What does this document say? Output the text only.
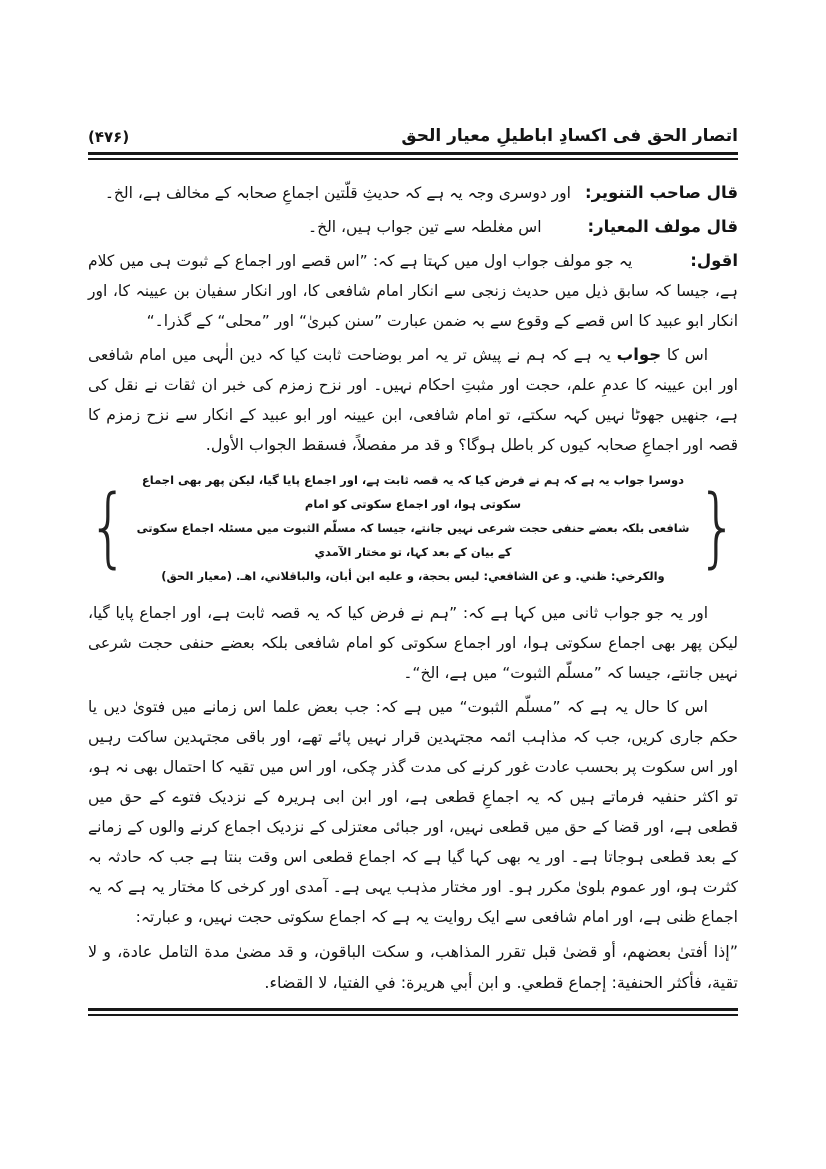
اتصار الحق فی اکسادِ اباطیلِ معیار الحق
(۴۷۶)

قال صاحب التنویر:اور دوسری وجہ یہ ہے کہ حدیثِ قلّتین اجماعِ صحابہ کے مخالف ہے، الخ۔

قال مولف المعیار:اس مغلطہ سے تین جواب ہیں، الخ۔

اقول:یہ جو مولف جواب اول میں کہتا ہے کہ: ”اس قصے اور اجماع کے ثبوت ہی میں کلام ہے، جیسا کہ سابق ذیل میں حدیث زنجی سے انکار امام شافعی کا، اور انکار سفیان بن عیینہ کا، اور انکار ابو عبید کا اس قصے کے وقوع سے بہ ضمن عبارت ”سنن کبریٰ“ اور ”محلی“ کے گذرا۔“

اس کا جواب یہ ہے کہ ہم نے پیش تر یہ امر بوضاحت ثابت کیا کہ دین الٰہی میں امام شافعی اور ابن عیینہ کا عدمِ علم، حجت اور مثبتِ احکام نہیں۔ اور نزح زمزم کی خبر ان ثقات نے نقل کی ہے، جنھیں جھوٹا نہیں کہہ سکتے، تو امام شافعی، ابن عیینہ اور ابو عبید کے انکار سے نزح زمزم کا قصہ اور اجماعِ صحابہ کیوں کر باطل ہوگا؟ و قد مر مفصلاً، فسقط الجواب الأول.

{	دوسرا جواب یہ ہے کہ ہم نے فرض کیا کہ یہ قصہ ثابت ہے، اور اجماع پایا گیا، لیکن پھر بھی اجماع سکوتی ہوا، اور اجماع سکوتی کو امام
شافعی بلکہ بعضے حنفی حجت شرعی نہیں جانتے، جیسا کہ مسلّم الثبوت میں مسئلہ اجماع سکوتی کے بیان کے بعد کہا، تو مختار الآمدي
والكرخي: ظني. و عن الشافعي: ليس بحجة، و عليه ابن أبان، والباقلاني، اهـ. (معیار الحق)	}

اور یہ جو جواب ثانی میں کہا ہے کہ: ”ہم نے فرض کیا کہ یہ قصہ ثابت ہے، اور اجماع پایا گیا، لیکن پھر بھی اجماع سکوتی ہوا، اور اجماع سکوتی کو امام شافعی بلکہ بعضے حنفی حجت شرعی نہیں جانتے، جیسا کہ ”مسلّم الثبوت“ میں ہے، الخ“۔

اس کا حال یہ ہے کہ ”مسلّم الثبوت“ میں ہے کہ: جب بعض علما اس زمانے میں فتویٰ دیں یا حکم جاری کریں، جب کہ مذاہب ائمہ مجتہدین قرار نہیں پائے تھے، اور باقی مجتہدین ساکت رہیں اور اس سکوت پر بحسب عادت غور کرنے کی مدت گذر چکی، اور اس میں تقیہ کا احتمال بھی نہ ہو، تو اکثر حنفیہ فرماتے ہیں کہ یہ اجماعِ قطعی ہے، اور ابن ابی ہریرہ کے نزدیک فتوے کے حق میں قطعی ہے، اور قضا کے حق میں قطعی نہیں، اور جبائی معتزلی کے نزدیک اجماع کرنے والوں کے زمانے کے بعد قطعی ہوجاتا ہے۔ اور یہ بھی کہا گیا ہے کہ اجماع قطعی اس وقت بنتا ہے جب کہ حادثہ بہ کثرت ہو، اور عموم بلویٰ مکرر ہو۔ اور مختار مذہب یہی ہے۔ آمدی اور کرخی کا مختار یہ ہے کہ یہ اجماع ظنی ہے، اور امام شافعی سے ایک روایت یہ ہے کہ اجماع سکوتی حجت نہیں، و عبارتہ:

”إذا أفتىٰ بعضهم، أو قضىٰ قبل تقرر المذاهب، و سكت الباقون، و قد مضىٰ مدة التامل عادة، و لا تقية، فأكثر الحنفية: إجماع قطعي. و ابن أبي هريرة: في الفتيا، لا القضاء.
